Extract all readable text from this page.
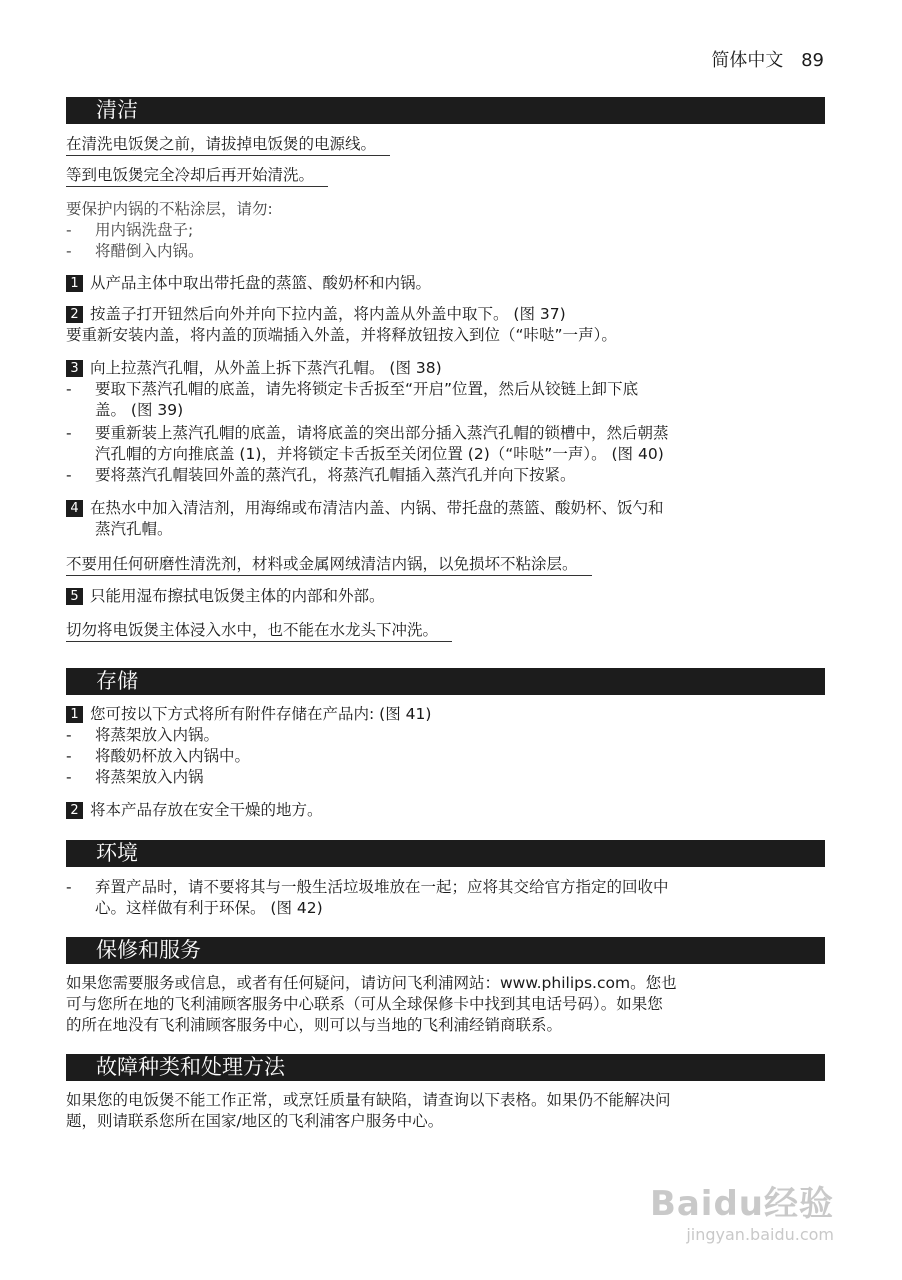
简体中文 89
清洁
在清洗电饭煲之前，请拔掉电饭煲的电源线。
等到电饭煲完全冷却后再开始清洗。
要保护内锅的不粘涂层，请勿:
-	用内锅洗盘子;
-	将醋倒入内锅。
1 从产品主体中取出带托盘的蒸篮、酸奶杯和内锅。
2 按盖子打开钮然后向外并向下拉内盖，将内盖从外盖中取下。 (图 37)
要重新安装内盖，将内盖的顶端插入外盖，并将释放钮按入到位（“咔哒”一声）。
3 向上拉蒸汽孔帽，从外盖上拆下蒸汽孔帽。 (图 38)
-	要取下蒸汽孔帽的底盖，请先将锁定卡舌扳至“开启”位置，然后从铰链上卸下底
盖。 (图 39)
-	要重新装上蒸汽孔帽的底盖，请将底盖的突出部分插入蒸汽孔帽的锁槽中，然后朝蒸
汽孔帽的方向推底盖 (1)，并将锁定卡舌扳至关闭位置 (2)（“咔哒”一声）。 (图 40)
-	要将蒸汽孔帽装回外盖的蒸汽孔，将蒸汽孔帽插入蒸汽孔并向下按紧。
4 在热水中加入清洁剂，用海绵或布清洁内盖、内锅、带托盘的蒸篮、酸奶杯、饭勺和
蒸汽孔帽。
不要用任何研磨性清洗剂，材料或金属网绒清洁内锅，以免损坏不粘涂层。
5 只能用湿布擦拭电饭煲主体的内部和外部。
切勿将电饭煲主体浸入水中，也不能在水龙头下冲洗。
存储
1 您可按以下方式将所有附件存储在产品内: (图 41)
-	将蒸架放入内锅。
-	将酸奶杯放入内锅中。
-	将蒸架放入内锅
2 将本产品存放在安全干燥的地方。
环境
-	弃置产品时，请不要将其与一般生活垃圾堆放在一起；应将其交给官方指定的回收中
心。这样做有利于环保。 (图 42)
保修和服务
如果您需要服务或信息，或者有任何疑问，请访问飞利浦网站：www.philips.com。您也
可与您所在地的飞利浦顾客服务中心联系（可从全球保修卡中找到其电话号码）。如果您
的所在地没有飞利浦顾客服务中心，则可以与当地的飞利浦经销商联系。
故障种类和处理方法
如果您的电饭煲不能工作正常，或烹饪质量有缺陷，请查询以下表格。如果仍不能解决问
题，则请联系您所在国家/地区的飞利浦客户服务中心。
Baidu经验
jingyan.baidu.com
